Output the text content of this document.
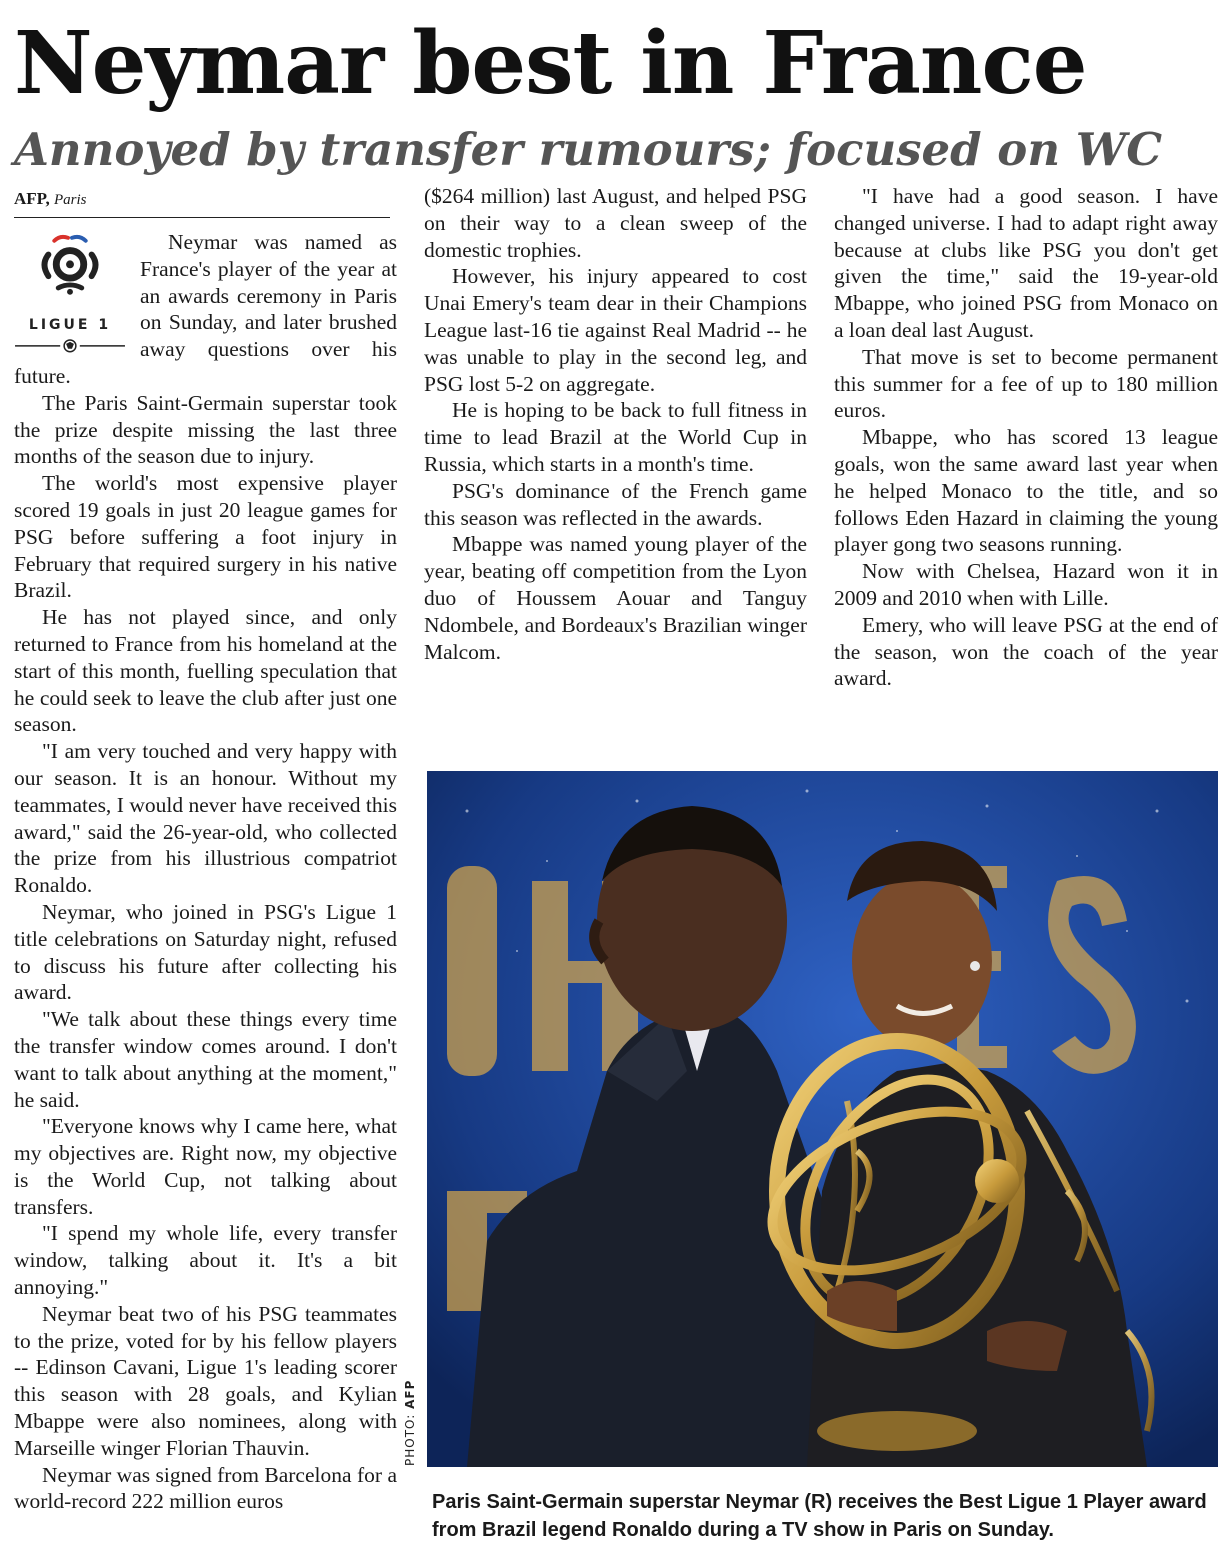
Neymar best in France
Annoyed by transfer rumours; focused on WC
AFP, Paris
LIGUE 1

Neymar was named as France's player of the year at an awards ceremony in Paris on Sunday, and later brushed away questions over his future.

The Paris Saint-Germain superstar took the prize despite missing the last three months of the season due to injury.

The world's most expensive player scored 19 goals in just 20 league games for PSG before suffering a foot injury in February that required surgery in his native Brazil.

He has not played since, and only returned to France from his homeland at the start of this month, fuelling speculation that he could seek to leave the club after just one season.

"I am very touched and very happy with our season. It is an honour. Without my teammates, I would never have received this award," said the 26-year-old, who collected the prize from his illustrious compatriot Ronaldo.

Neymar, who joined in PSG's Ligue 1 title celebrations on Saturday night, refused to discuss his future after collecting his award.

"We talk about these things every time the transfer window comes around. I don't want to talk about anything at the moment," he said.

"Everyone knows why I came here, what my objectives are. Right now, my objective is the World Cup, not talking about transfers.

"I spend my whole life, every transfer window, talking about it. It's a bit annoying."

Neymar beat two of his PSG teammates to the prize, voted for by his fellow players -- Edinson Cavani, Ligue 1's leading scorer this season with 28 goals, and Kylian Mbappe were also nominees, along with Marseille winger Florian Thauvin.

Neymar was signed from Barcelona for a world-record 222 million euros

($264 million) last August, and helped PSG on their way to a clean sweep of the domestic trophies.

However, his injury appeared to cost Unai Emery's team dear in their Champions League last-16 tie against Real Madrid -- he was unable to play in the second leg, and PSG lost 5-2 on aggregate.

He is hoping to be back to full fitness in time to lead Brazil at the World Cup in Russia, which starts in a month's time.

PSG's dominance of the French game this season was reflected in the awards.

Mbappe was named young player of the year, beating off competition from the Lyon duo of Houssem Aouar and Tanguy Ndombele, and Bordeaux's Brazilian winger Malcom.

"I have had a good season. I have changed universe. I had to adapt right away because at clubs like PSG you don't get given the time," said the 19-year-old Mbappe, who joined PSG from Monaco on a loan deal last August.

That move is set to become permanent this summer for a fee of up to 180 million euros.

Mbappe, who has scored 13 league goals, won the same award last year when he helped Monaco to the title, and so follows Eden Hazard in claiming the young player gong two seasons running.

Now with Chelsea, Hazard won it in 2009 and 2010 when with Lille.

Emery, who will leave PSG at the end of the season, won the coach of the year award.

PHOTO: AFP
Paris Saint-Germain superstar Neymar (R) receives the Best Ligue 1 Player award from Brazil legend Ronaldo during a TV show in Paris on Sunday.
